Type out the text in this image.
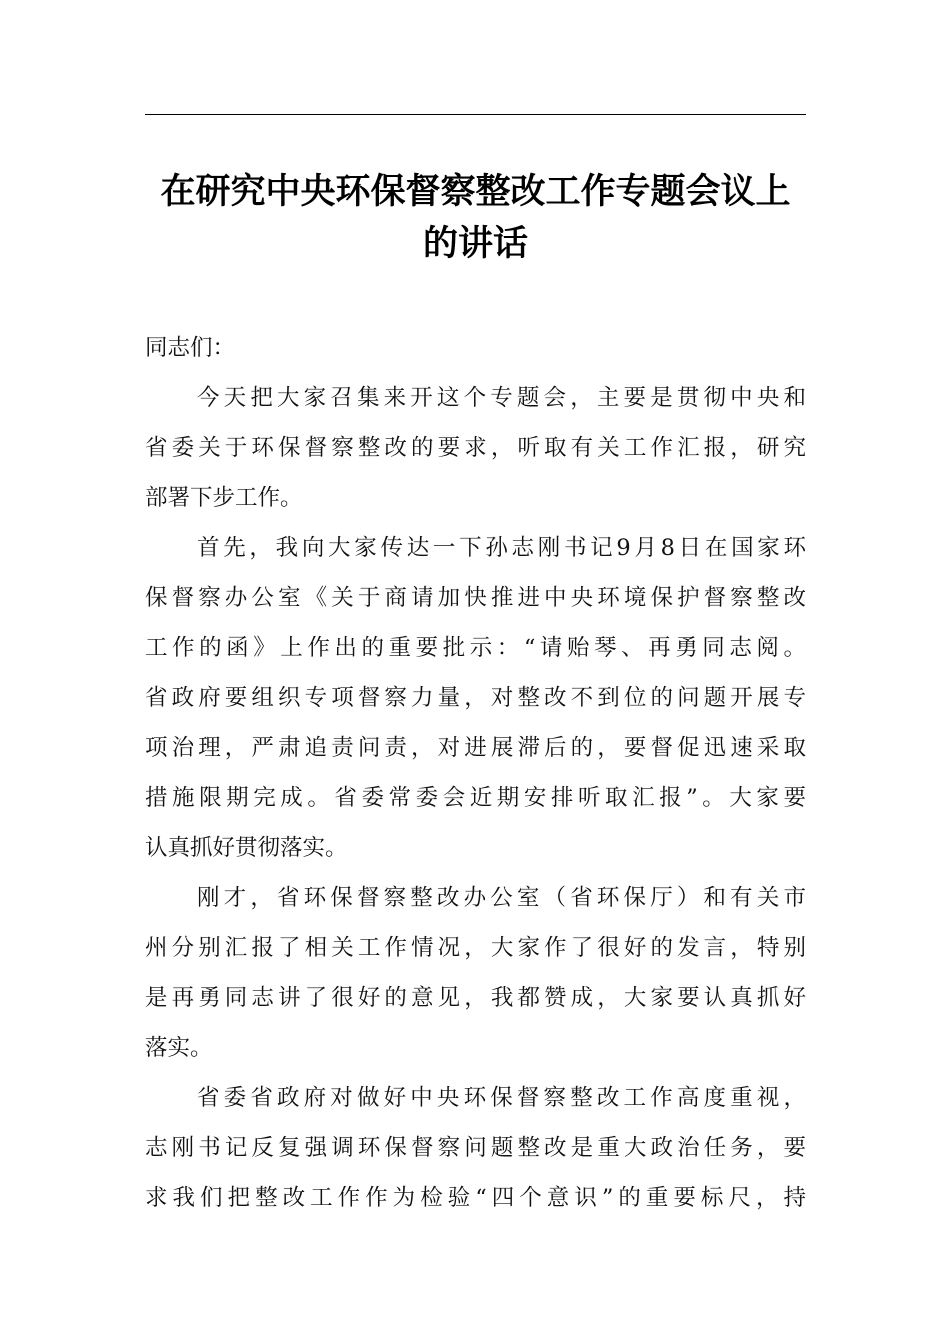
在研究中央环保督察整改工作专题会议上
的讲话
同志们：
今天把大家召集来开这个专题会，主要是贯彻中央和
省委关于环保督察整改的要求，听取有关工作汇报，研究
部署下步工作。
首先，我向大家传达一下孙志刚书记9月8日在国家环
保督察办公室《关于商请加快推进中央环境保护督察整改
工作的函》上作出的重要批示：“请贻琴、再勇同志阅。
省政府要组织专项督察力量，对整改不到位的问题开展专
项治理，严肃追责问责，对进展滞后的，要督促迅速采取
措施限期完成。省委常委会近期安排听取汇报”。大家要
认真抓好贯彻落实。
刚才，省环保督察整改办公室（省环保厅）和有关市
州分别汇报了相关工作情况，大家作了很好的发言，特别
是再勇同志讲了很好的意见，我都赞成，大家要认真抓好
落实。
省委省政府对做好中央环保督察整改工作高度重视，
志刚书记反复强调环保督察问题整改是重大政治任务，要
求我们把整改工作作为检验“四个意识”的重要标尺，持
